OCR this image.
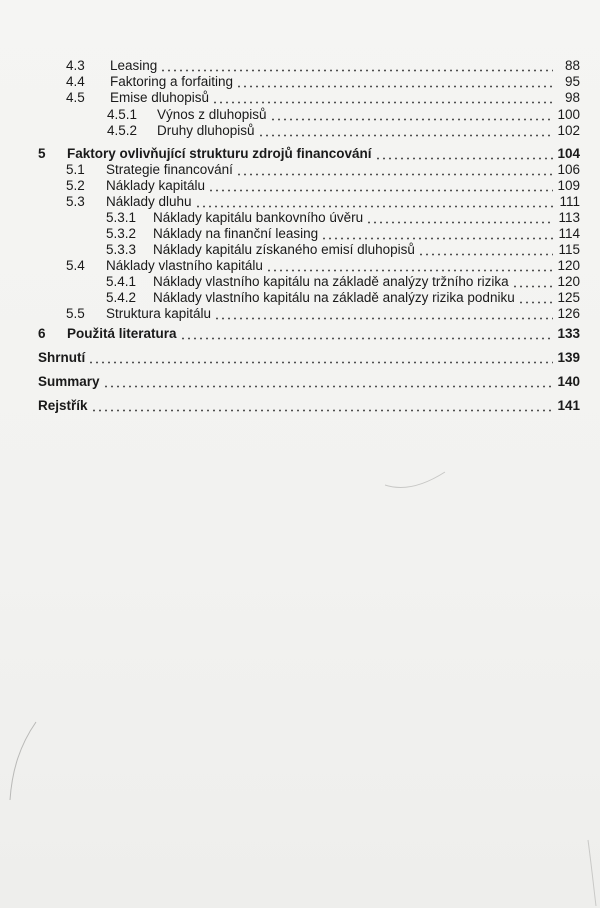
4.3	Leasing	88
4.4	Faktoring a forfaiting	95
4.5	Emise dluhopisů	98
4.5.1	Výnos z dluhopisů	100
4.5.2	Druhy dluhopisů	102
5	Faktory ovlivňující strukturu zdrojů financování	104
5.1	Strategie financování	106
5.2	Náklady kapitálu	109
5.3	Náklady dluhu	111
5.3.1	Náklady kapitálu bankovního úvěru	113
5.3.2	Náklady na finanční leasing	114
5.3.3	Náklady kapitálu získaného emisí dluhopisů	115
5.4	Náklady vlastního kapitálu	120
5.4.1	Náklady vlastního kapitálu na základě analýzy tržního rizika	120
5.4.2	Náklady vlastního kapitálu na základě analýzy rizika podniku	125
5.5	Struktura kapitálu	126
6	Použitá literatura	133
Shrnutí	139
Summary	140
Rejstřík	141
